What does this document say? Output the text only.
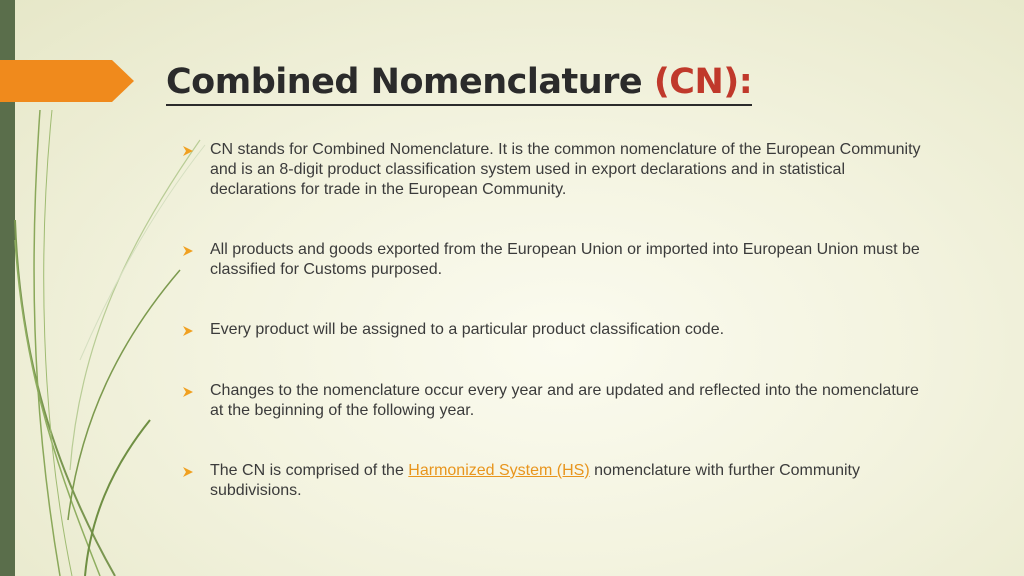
Combined Nomenclature (CN):
CN stands for Combined Nomenclature. It is the common nomenclature of the European Community and is an 8-digit product classification system used in export declarations and in statistical declarations for trade in the European Community.
All products and goods exported from the European Union or imported into European Union must be classified for Customs purposed.
Every product will be assigned to a particular product classification code.
Changes to the nomenclature occur every year and are updated and reflected into the nomenclature at the beginning of the following year.
The CN is comprised of the Harmonized System (HS) nomenclature with further Community subdivisions.
